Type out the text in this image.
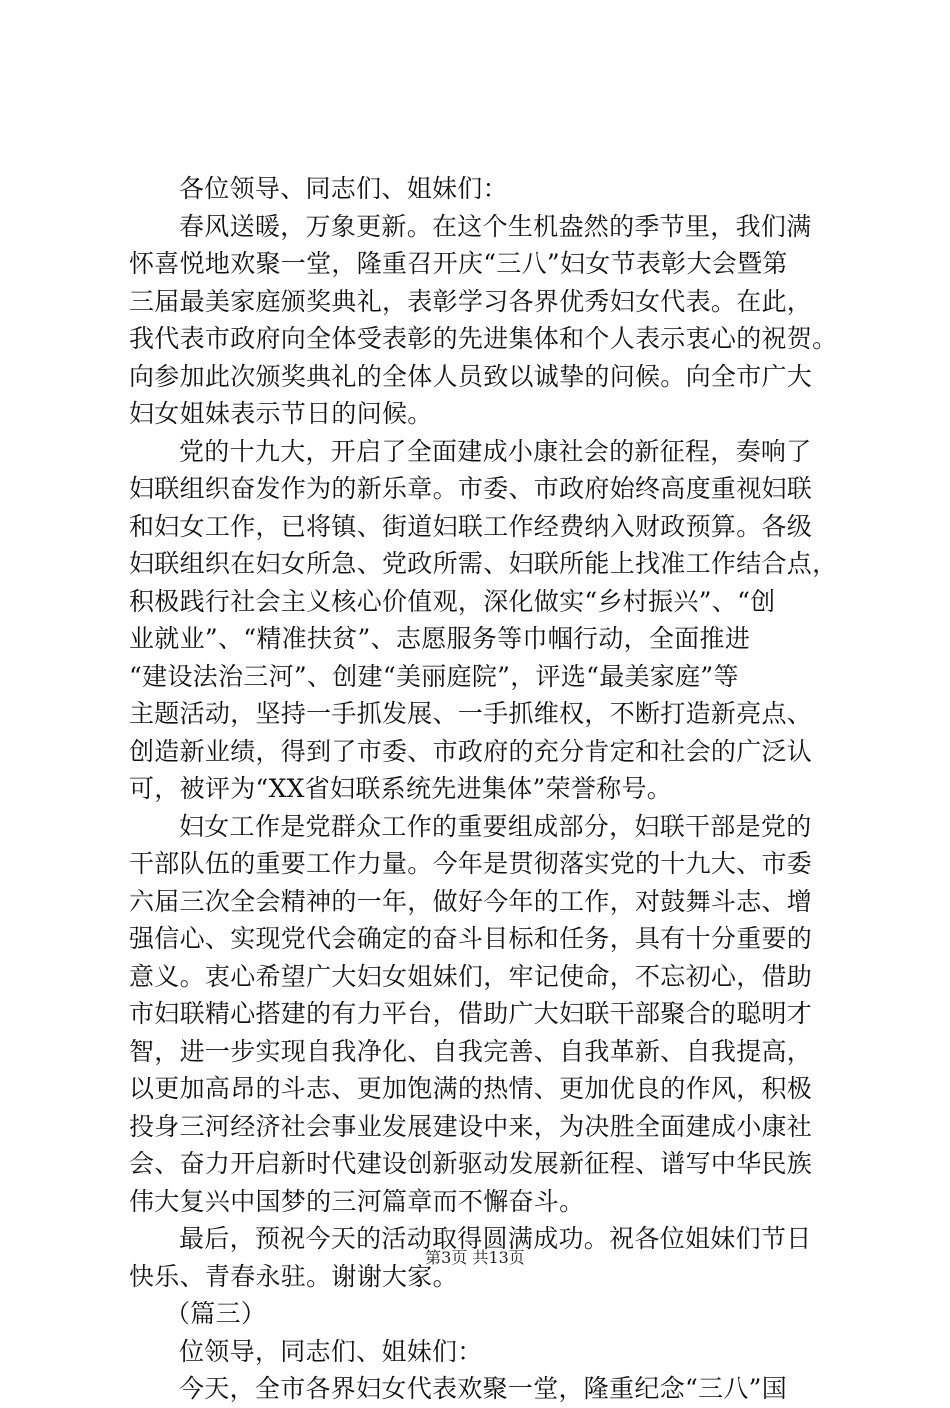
各位领导、同志们、姐妹们：
春风送暖，万象更新。在这个生机盎然的季节里，我们满
怀喜悦地欢聚一堂，隆重召开庆“三八”妇女节表彰大会暨第
三届最美家庭颁奖典礼，表彰学习各界优秀妇女代表。在此，
我代表市政府向全体受表彰的先进集体和个人表示衷心的祝贺。
向参加此次颁奖典礼的全体人员致以诚挚的问候。向全市广大
妇女姐妹表示节日的问候。
党的十九大，开启了全面建成小康社会的新征程，奏响了
妇联组织奋发作为的新乐章。市委、市政府始终高度重视妇联
和妇女工作，已将镇、街道妇联工作经费纳入财政预算。各级
妇联组织在妇女所急、党政所需、妇联所能上找准工作结合点，
积极践行社会主义核心价值观，深化做实“乡村振兴”、“创
业就业”、“精准扶贫”、志愿服务等巾帼行动，全面推进
“建设法治三河”、创建“美丽庭院”，评选“最美家庭”等
主题活动，坚持一手抓发展、一手抓维权，不断打造新亮点、
创造新业绩，得到了市委、市政府的充分肯定和社会的广泛认
可，被评为“XX省妇联系统先进集体”荣誉称号。
妇女工作是党群众工作的重要组成部分，妇联干部是党的
干部队伍的重要工作力量。今年是贯彻落实党的十九大、市委
六届三次全会精神的一年，做好今年的工作，对鼓舞斗志、增
强信心、实现党代会确定的奋斗目标和任务，具有十分重要的
意义。衷心希望广大妇女姐妹们，牢记使命，不忘初心，借助
市妇联精心搭建的有力平台，借助广大妇联干部聚合的聪明才
智，进一步实现自我净化、自我完善、自我革新、自我提高，
以更加高昂的斗志、更加饱满的热情、更加优良的作风，积极
投身三河经济社会事业发展建设中来，为决胜全面建成小康社
会、奋力开启新时代建设创新驱动发展新征程、谱写中华民族
伟大复兴中国梦的三河篇章而不懈奋斗。
最后，预祝今天的活动取得圆满成功。祝各位姐妹们节日
快乐、青春永驻。谢谢大家。
（篇三）
位领导，同志们、姐妹们：
今天，全市各界妇女代表欢聚一堂，隆重纪念“三八”国
第3页 共13页
